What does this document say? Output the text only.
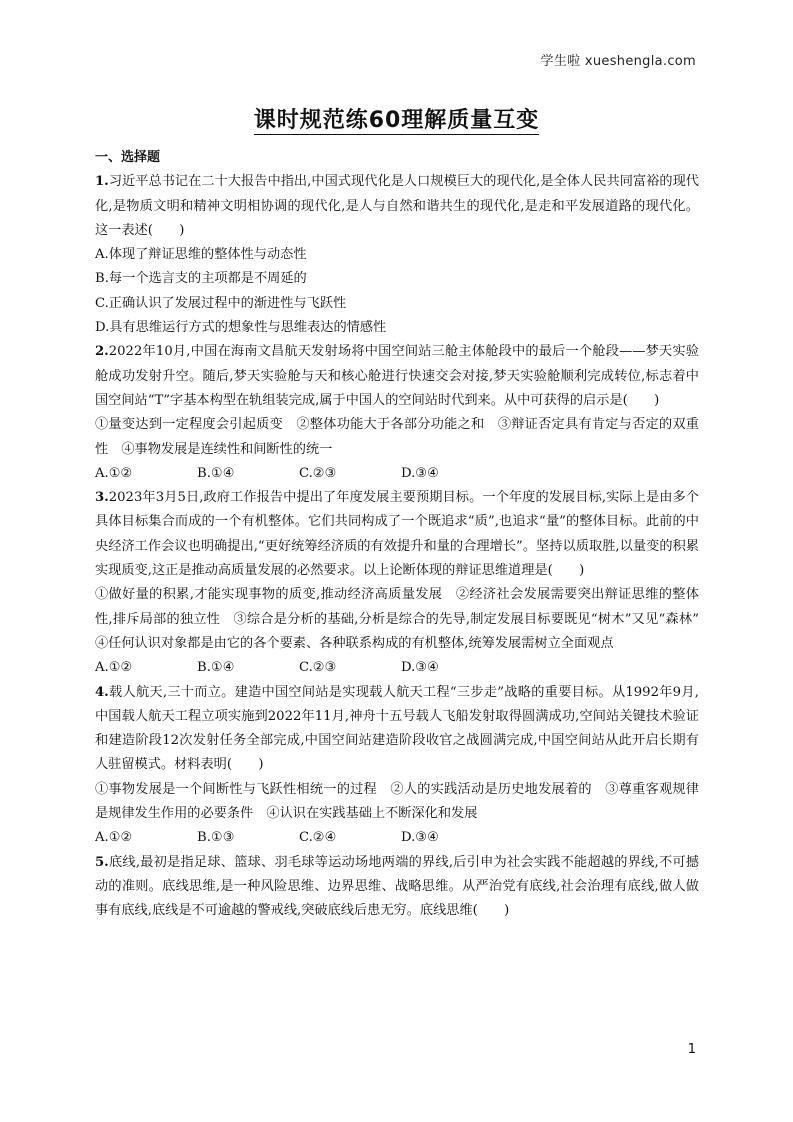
学生啦 xueshengla.com
课时规范练60理解质量互变
一、选择题

1.习近平总书记在二十大报告中指出,中国式现代化是人口规模巨大的现代化,是全体人民共同富裕的现代化,是物质文明和精神文明相协调的现代化,是人与自然和谐共生的现代化,是走和平发展道路的现代化。这一表述(　　)

A.体现了辩证思维的整体性与动态性

B.每一个选言支的主项都是不周延的

C.正确认识了发展过程中的渐进性与飞跃性

D.具有思维运行方式的想象性与思维表达的情感性

2.2022年10月,中国在海南文昌航天发射场将中国空间站三舱主体舱段中的最后一个舱段——梦天实验舱成功发射升空。随后,梦天实验舱与天和核心舱进行快速交会对接,梦天实验舱顺利完成转位,标志着中国空间站“T”字基本构型在轨组装完成,属于中国人的空间站时代到来。从中可获得的启示是(　　)

①量变达到一定程度会引起质变　②整体功能大于各部分功能之和　③辩证否定具有肯定与否定的双重性　④事物发展是连续性和间断性的统一

A.①②	B.①④	C.②③	D.③④

3.2023年3月5日,政府工作报告中提出了年度发展主要预期目标。一个年度的发展目标,实际上是由多个具体目标集合而成的一个有机整体。它们共同构成了一个既追求“质”,也追求“量”的整体目标。此前的中央经济工作会议也明确提出,“更好统筹经济质的有效提升和量的合理增长”。坚持以质取胜,以量变的积累实现质变,这正是推动高质量发展的必然要求。以上论断体现的辩证思维道理是(　　)

①做好量的积累,才能实现事物的质变,推动经济高质量发展　②经济社会发展需要突出辩证思维的整体性,排斥局部的独立性　③综合是分析的基础,分析是综合的先导,制定发展目标要既见“树木”又见“森林”　④任何认识对象都是由它的各个要素、各种联系构成的有机整体,统筹发展需树立全面观点

A.①②	B.①④	C.②③	D.③④

4.载人航天,三十而立。建造中国空间站是实现载人航天工程“三步走”战略的重要目标。从1992年9月,中国载人航天工程立项实施到2022年11月,神舟十五号载人飞船发射取得圆满成功,空间站关键技术验证和建造阶段12次发射任务全部完成,中国空间站建造阶段收官之战圆满完成,中国空间站从此开启长期有人驻留模式。材料表明(　　)

①事物发展是一个间断性与飞跃性相统一的过程　②人的实践活动是历史地发展着的　③尊重客观规律是规律发生作用的必要条件　④认识在实践基础上不断深化和发展

A.①②	B.①③	C.②④	D.③④

5.底线,最初是指足球、篮球、羽毛球等运动场地两端的界线,后引申为社会实践不能超越的界线,不可撼动的准则。底线思维,是一种风险思维、边界思维、战略思维。从严治党有底线,社会治理有底线,做人做事有底线,底线是不可逾越的警戒线,突破底线后患无穷。底线思维(　　)

1
